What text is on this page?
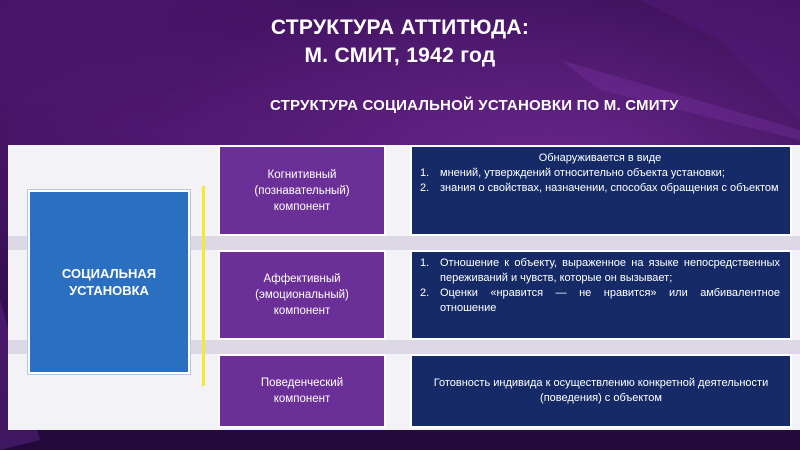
СТРУКТУРА АТТИТЮДА:
М. СМИТ, 1942 год
СТРУКТУРА СОЦИАЛЬНОЙ УСТАНОВКИ ПО М. СМИТУ
СОЦИАЛЬНАЯ
УСТАНОВКА
Когнитивный
(познавательный)
компонент
Обнаруживается в виде
1. мнений, утверждений относительно объекта установки;
2. знания о свойствах, назначении, способах обращения с объектом
Аффективный
(эмоциональный)
компонент
1. Отношение к объекту, выраженное на языке непосредственных переживаний и чувств, которые он вызывает;
2. Оценки «нравится — не нравится» или амбивалентное отношение
Поведенческий
компонент
Готовность индивида к осуществлению конкретной деятельности (поведения) с объектом
